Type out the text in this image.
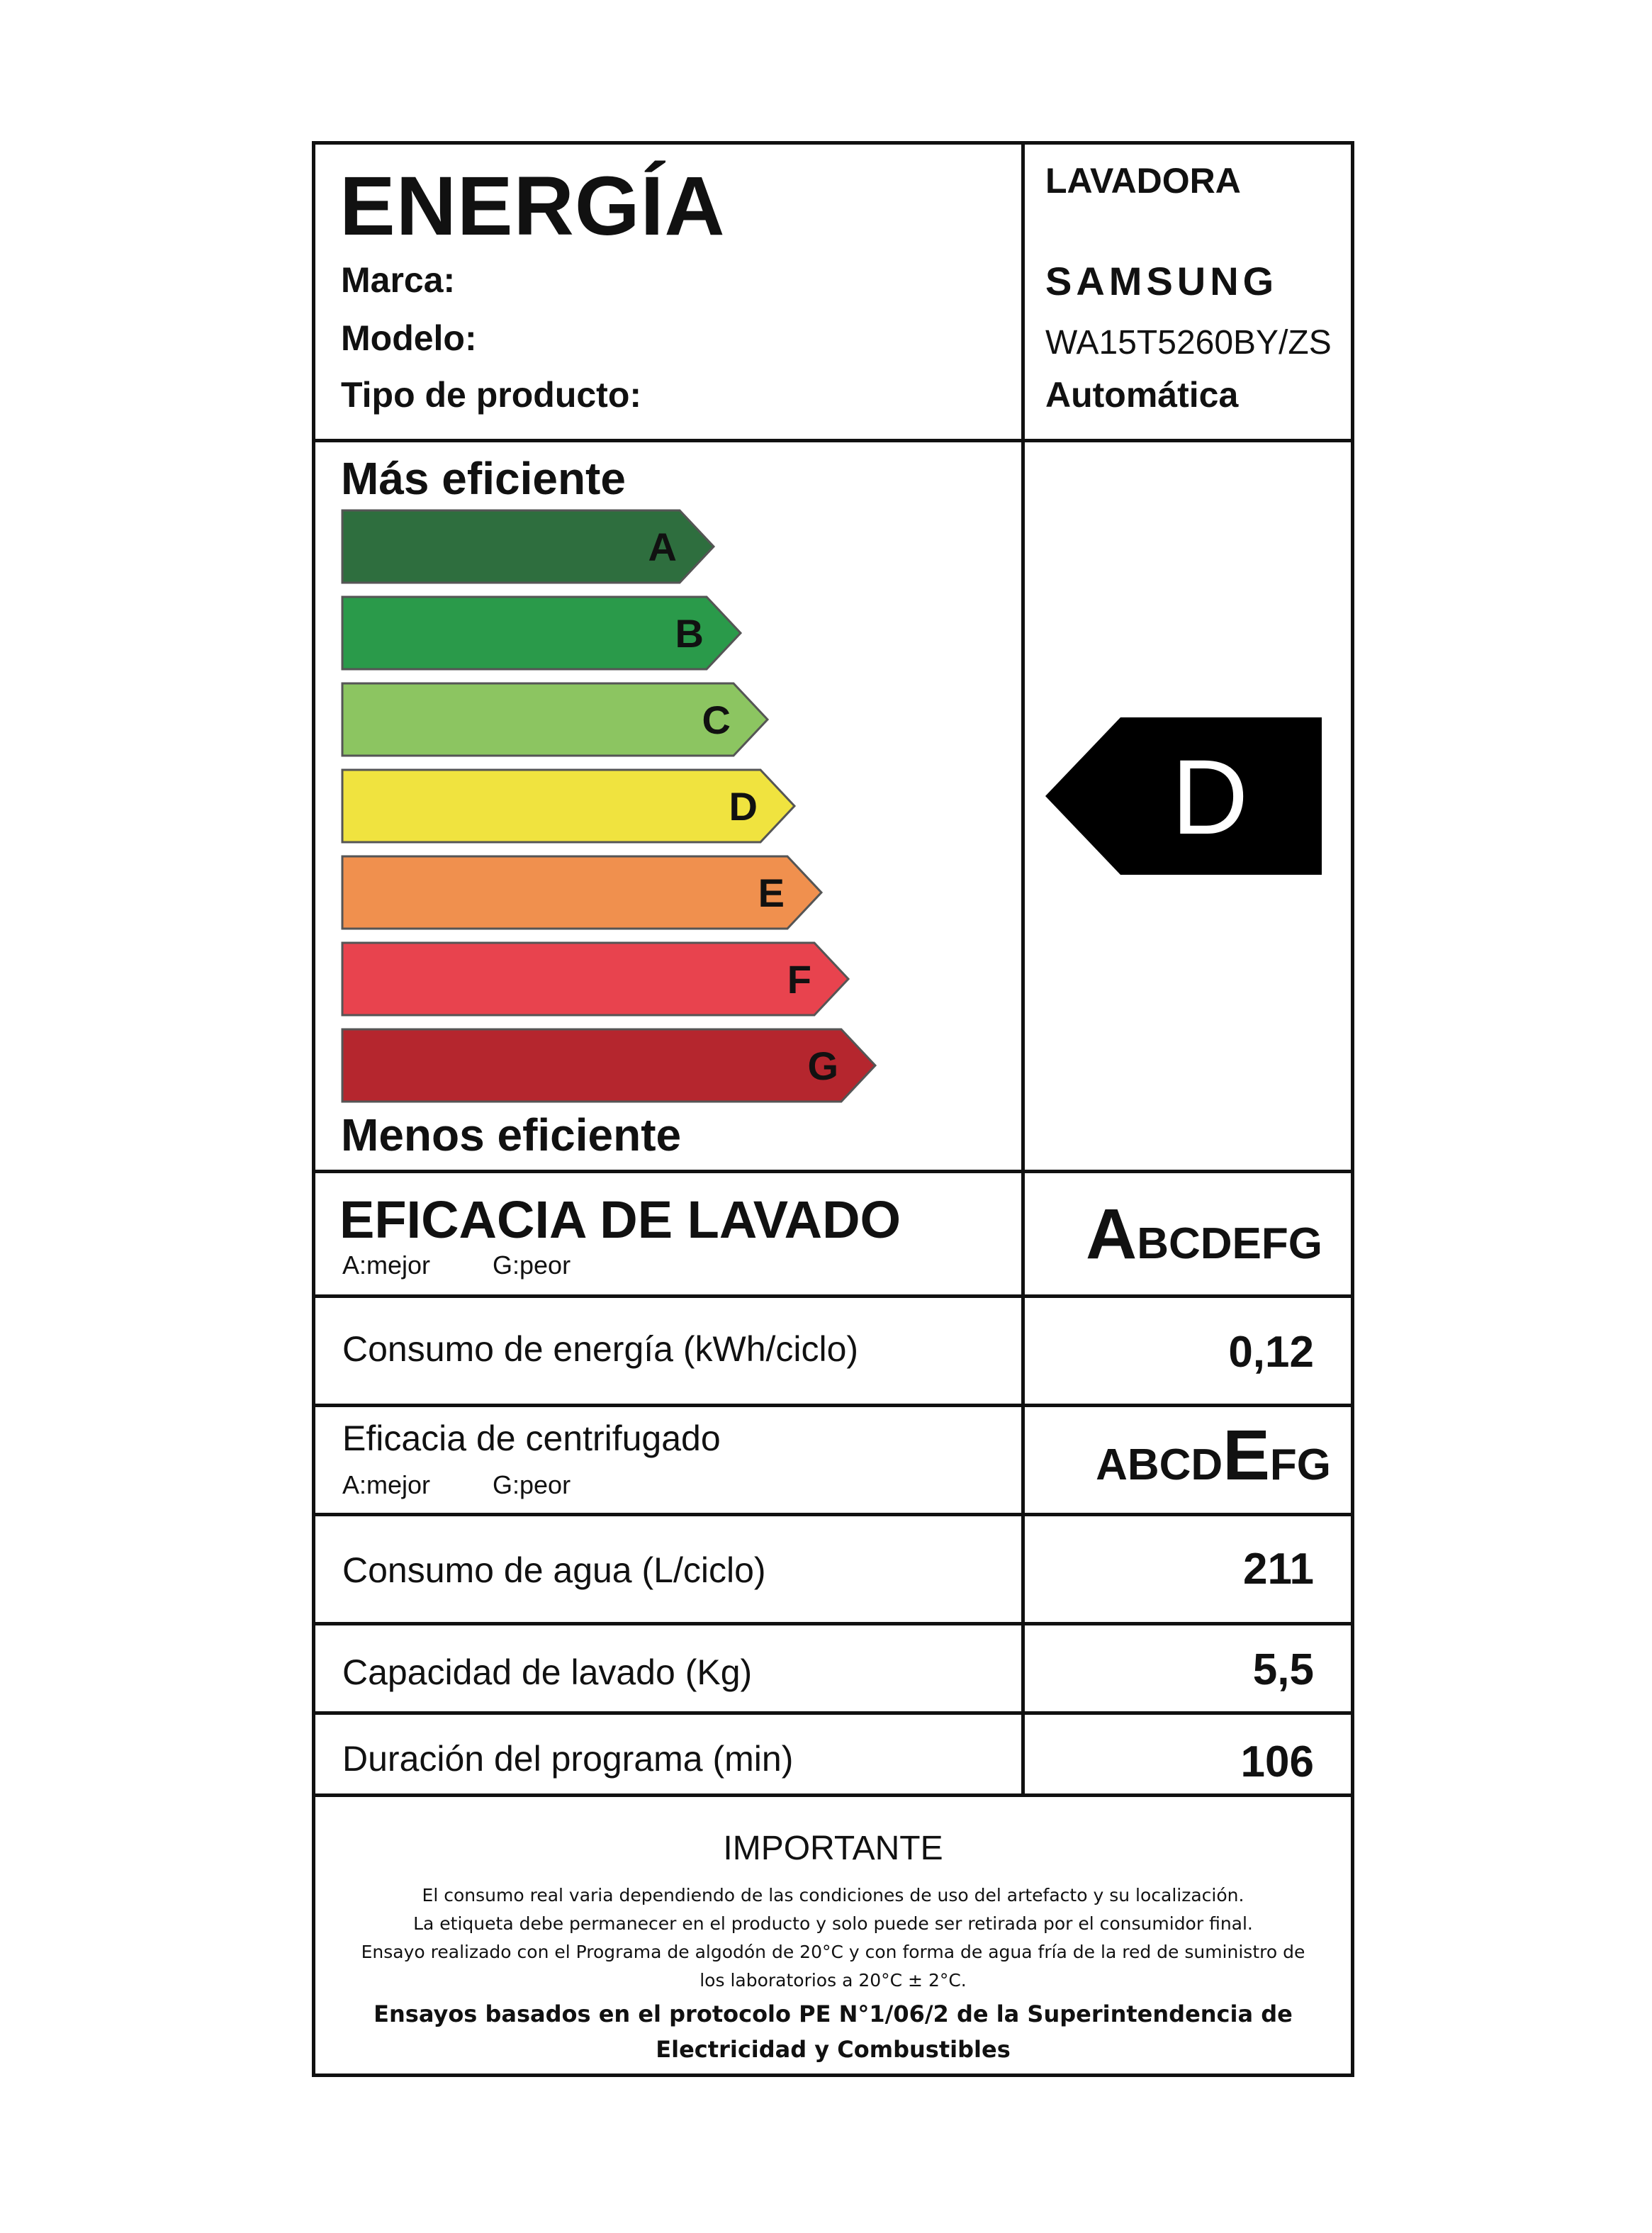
ENERGÍA	LAVADORA
Marca:	SAMSUNG
Modelo:	WA15T5260BY/ZS
Tipo de producto:	Automática
Más eficiente
A
B
C
D
E
F
G
Menos eficiente
D
EFICACIA DE LAVADO
A:mejor G:peor	ABCDEFG
Consumo de energía (kWh/ciclo)	0,12
Eficacia de centrifugado
A:mejor G:peor	ABCDEFG
Consumo de agua (L/ciclo)	211
Capacidad de lavado (Kg)	5,5
Duración del programa (min)	106
IMPORTANTE
El consumo real varia dependiendo de las condiciones de uso del artefacto y su localización.
La etiqueta debe permanecer en el producto y solo puede ser retirada por el consumidor final.
Ensayo realizado con el Programa de algodón de 20°C y con forma de agua fría de la red de suministro de
los laboratorios a 20°C ± 2°C.
Ensayos basados en el protocolo PE N°1/06/2 de la Superintendencia de
Electricidad y Combustibles
